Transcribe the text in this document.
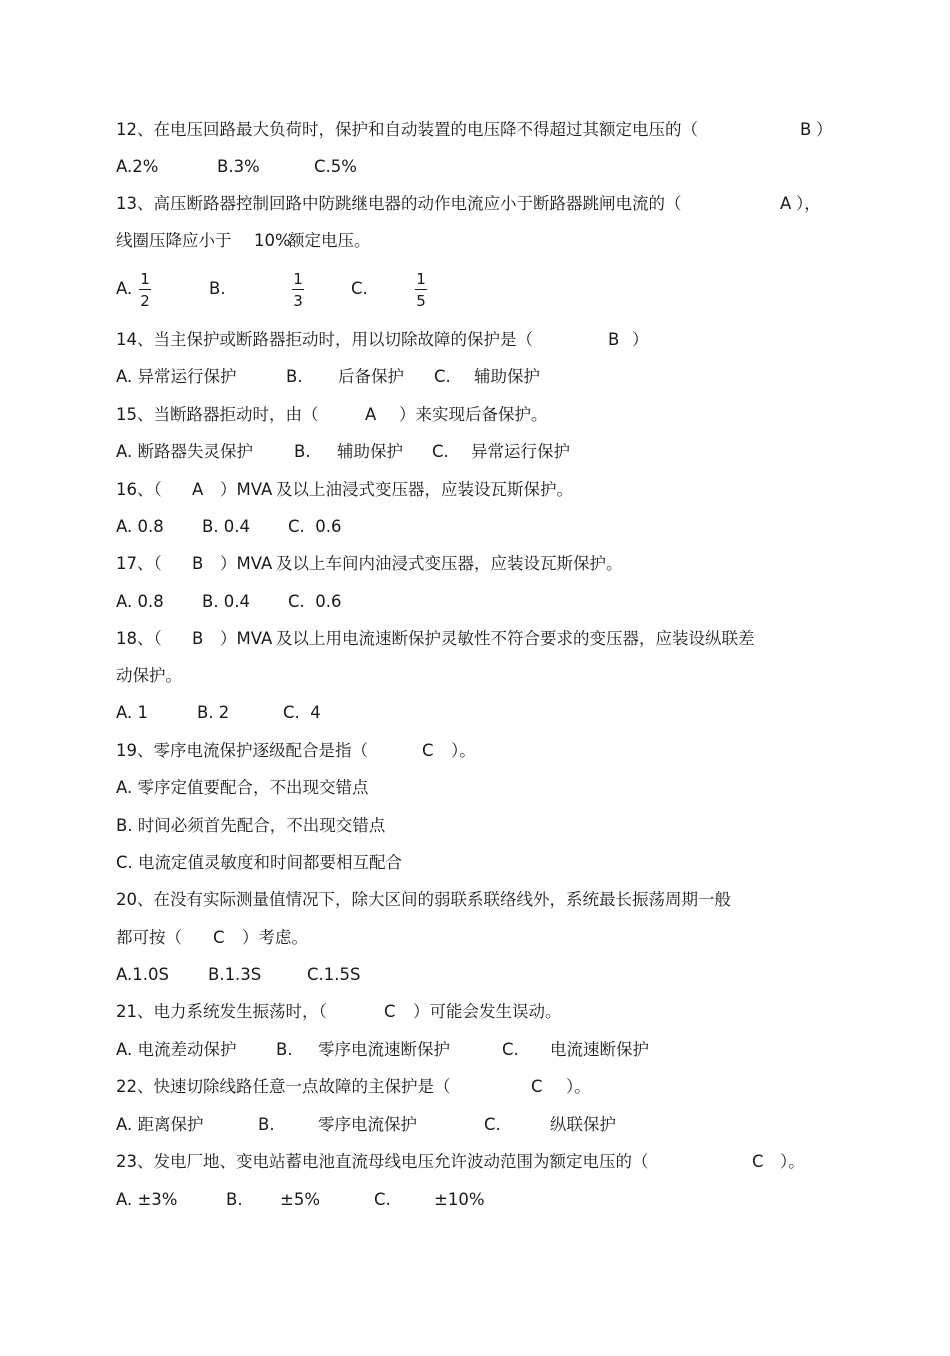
12、在电压回路最大负荷时，保护和自动装置的电压降不得超过其额定电压的（

	B

）

A.2%

	B.3%

	C.5%

13、高压断路器控制回路中防跳继电器的动作电流应小于断路器跳闸电流的（

	A

），

线圈压降应小于

10%

额定电压。

A.

	B.

	C.

1
2
1
3
1
5

14、当主保护或断路器拒动时，用以切除故障的保护是（

	B

）

A. 异常运行保护

	B.

后备保护

C.

辅助保护

15、当断路器拒动时，由（

	A

）来实现后备保护。

A. 断路器失灵保护

B.

辅助保护

C.

异常运行保护

16、（

A

）MVA

及以上油浸式变压器，应装设瓦斯保护。

A. 0.8

B. 0.4

C.  0.6

17、（

B

）MVA

及以上车间内油浸式变压器，应装设瓦斯保护。

A. 0.8

B. 0.4

C.  0.6

18、（

B

）MVA

及以上用电流速断保护灵敏性不符合要求的变压器，应装设纵联差

动保护。

A. 1

	B. 2

	C.  4

19、零序电流保护逐级配合是指（

	C

）。

A. 零序定值要配合，不出现交错点

B. 时间必须首先配合，不出现交错点

C. 电流定值灵敏度和时间都要相互配合

20、在没有实际测量值情况下，除大区间的弱联系联络线外，系统最长振荡周期一般

都可按（

C

）考虑。

A.1.0S

B.1.3S

	C.1.5S

21、电力系统发生振荡时，（

	C

）可能会发生误动。

A. 电流差动保护

B.

零序电流速断保护

	C.

电流速断保护

22、快速切除线路任意一点故障的主保护是（

	C

）。

A. 距离保护

	B.

	零序电流保护

	C.

	纵联保护

23、发电厂地、变电站蓄电池直流母线电压允许波动范围为额定电压的（

	C

）。

A. ±3%

	B.

±5%

	C.

	±10%
